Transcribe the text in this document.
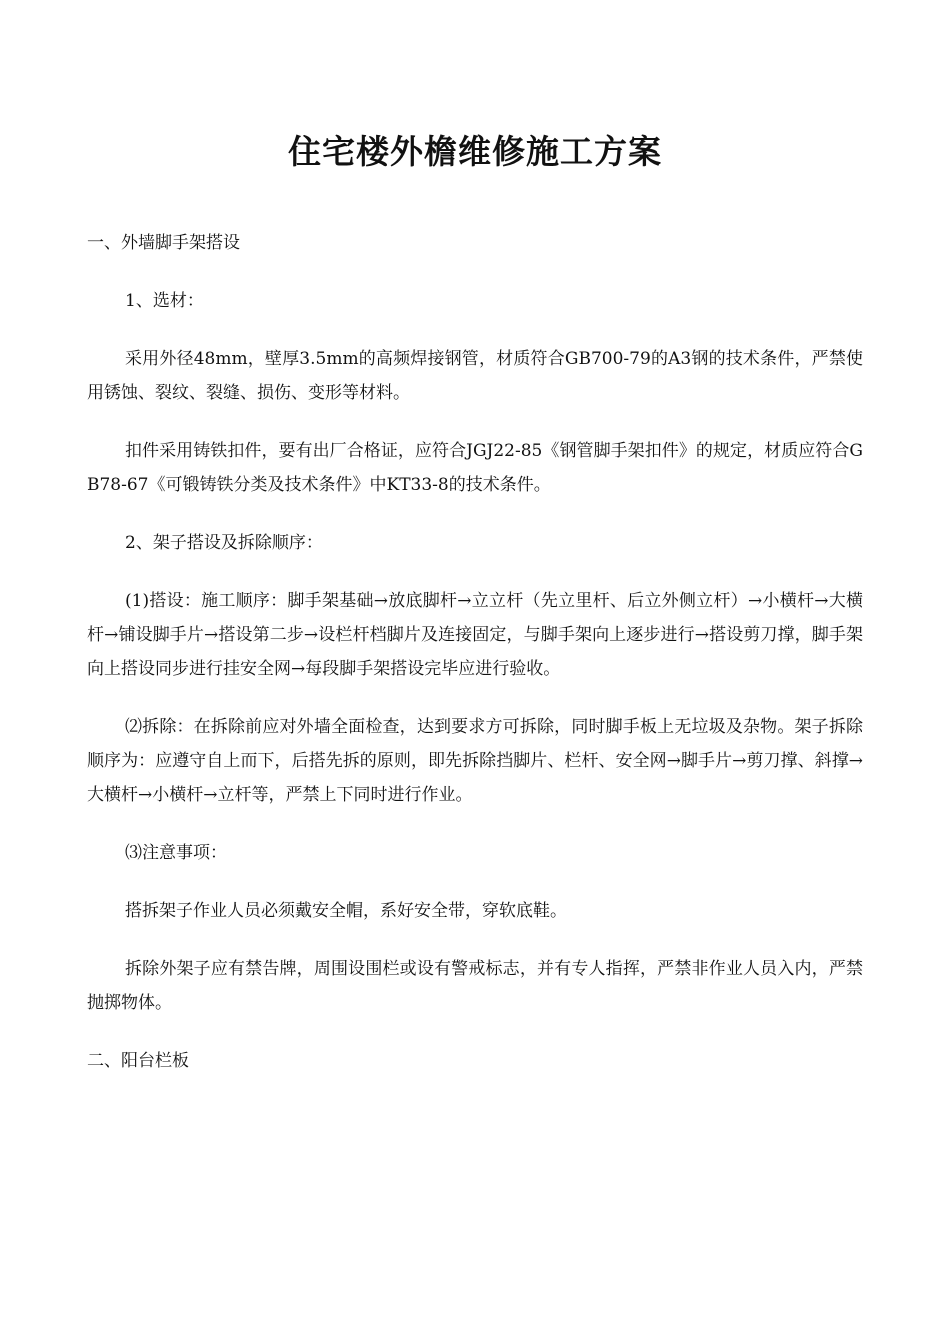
住宅楼外檐维修施工方案

一、外墙脚手架搭设

1、选材：

采用外径48mm，壁厚3.5mm的高频焊接钢管，材质符合GB700-79的A3钢的技术条件，严禁使用锈蚀、裂纹、裂缝、损伤、变形等材料。

扣件采用铸铁扣件，要有出厂合格证，应符合JGJ22-85《钢管脚手架扣件》的规定，材质应符合GB78-67《可锻铸铁分类及技术条件》中KT33-8的技术条件。

2、架子搭设及拆除顺序：

(1)搭设：施工顺序：脚手架基础→放底脚杆→立立杆（先立里杆、后立外侧立杆）→小横杆→大横杆→铺设脚手片→搭设第二步→设栏杆档脚片及连接固定，与脚手架向上逐步进行→搭设剪刀撑，脚手架向上搭设同步进行挂安全网→每段脚手架搭设完毕应进行验收。

⑵拆除：在拆除前应对外墙全面检查，达到要求方可拆除，同时脚手板上无垃圾及杂物。架子拆除顺序为：应遵守自上而下，后搭先拆的原则，即先拆除挡脚片、栏杆、安全网→脚手片→剪刀撑、斜撑→大横杆→小横杆→立杆等，严禁上下同时进行作业。

⑶注意事项：

搭拆架子作业人员必须戴安全帽，系好安全带，穿软底鞋。

拆除外架子应有禁告牌，周围设围栏或设有警戒标志，并有专人指挥，严禁非作业人员入内，严禁抛掷物体。

二、阳台栏板
